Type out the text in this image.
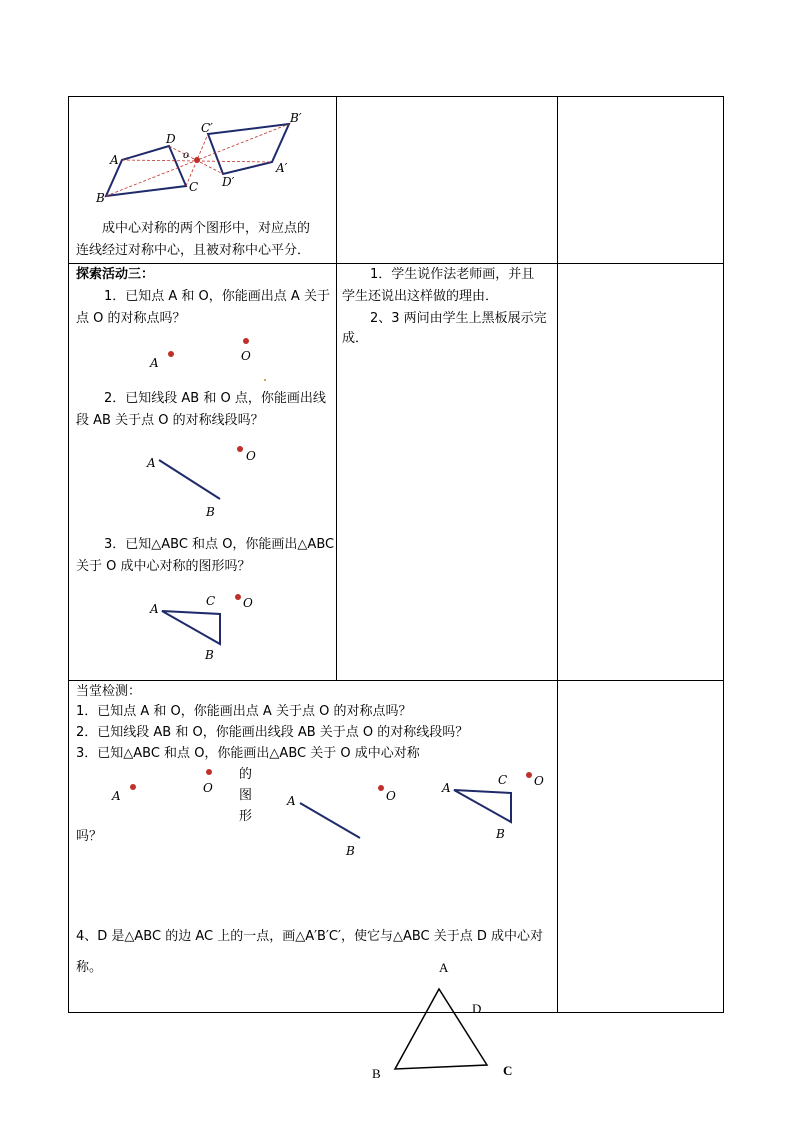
成中心对称的两个图形中，对应点的
连线经过对称中心，且被对称中心平分．
探索活动三：
1．已知点 A 和 O，你能画出点 A 关于
点 O 的对称点吗？
2．已知线段 AB 和 O 点，你能画出线
段 AB 关于点 O 的对称线段吗？
3．已知△ABC 和点 O，你能画出△ABC
关于 O 成中心对称的图形吗？
1．学生说作法老师画，并且
学生还说出这样做的理由．
2、3 两问由学生上黑板展示完
成．
当堂检测：
1．已知点 A 和 O，你能画出点 A 关于点 O 的对称点吗？
2．已知线段 AB 和 O，你能画出线段 AB 关于点 O 的对称线段吗？
3．已知△ABC 和点 O，你能画出△ABC 关于 O 成中心对称
的
图
形
吗？
4、D 是△ABC 的边 AC 上的一点，画△A′B′C′，使它与△ABC 关于点 D 成中心对
称。
A
D
o
C
B
C′
B′
A′
D′
A	O
A
B
O
A
C
B
O
A
O
A
B
O
A
C
B
O
A
D
B	C
